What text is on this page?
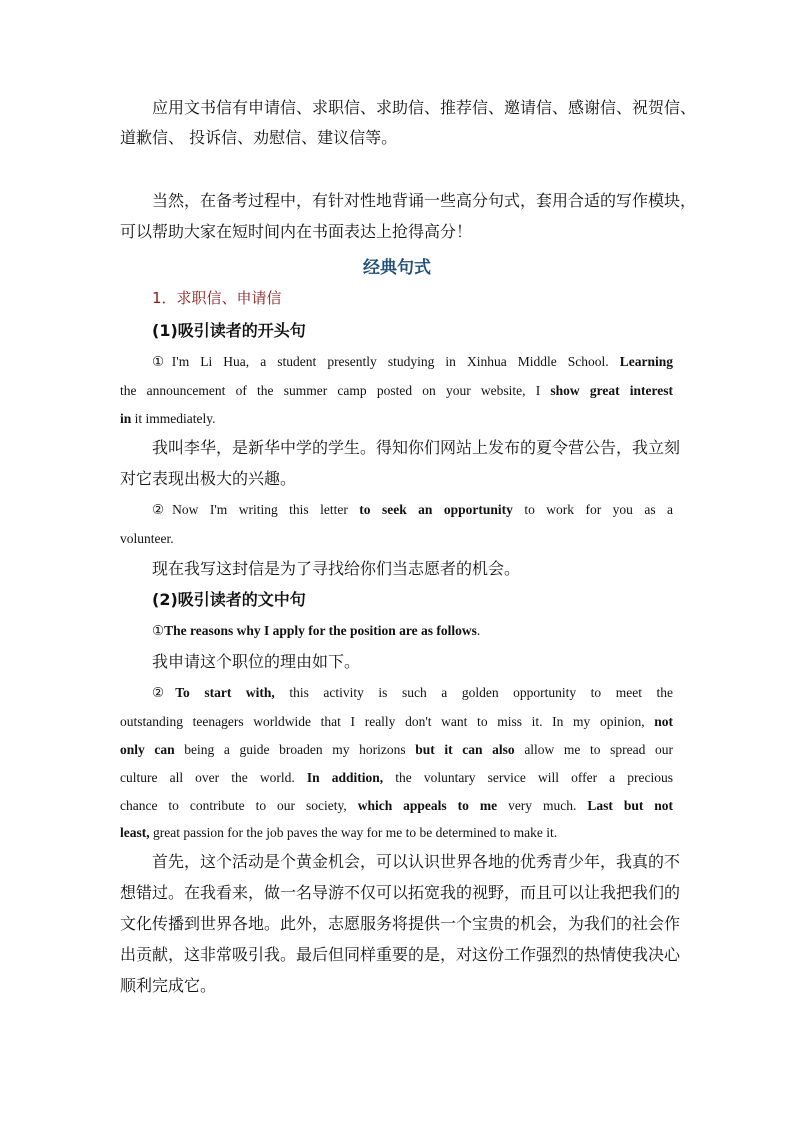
应用文书信有申请信、求职信、求助信、推荐信、邀请信、感谢信、祝贺信、
道歉信、 投诉信、劝慰信、建议信等。
当然，在备考过程中，有针对性地背诵一些高分句式，套用合适的写作模块，
可以帮助大家在短时间内在书面表达上抢得高分！
经典句式
1．求职信、申请信
(1)吸引读者的开头句
①I'm Li Hua, a student presently studying in Xinhua Middle School. Learning
the announcement of the summer camp posted on your website, I show great interest
in it immediately.
我叫李华，是新华中学的学生。得知你们网站上发布的夏令营公告，我立刻
对它表现出极大的兴趣。
②Now I'm writing this letter to seek an opportunity to work for you as a
volunteer.
现在我写这封信是为了寻找给你们当志愿者的机会。
(2)吸引读者的文中句
①The reasons why I apply for the position are as follows.
我申请这个职位的理由如下。
②To start with, this activity is such a golden opportunity to meet the
outstanding teenagers worldwide that I really don't want to miss it. In my opinion, not
only can being a guide broaden my horizons but it can also allow me to spread our
culture all over the world. In addition, the voluntary service will offer a precious
chance to contribute to our society, which appeals to me very much. Last but not
least, great passion for the job paves the way for me to be determined to make it.
首先，这个活动是个黄金机会，可以认识世界各地的优秀青少年，我真的不
想错过。在我看来，做一名导游不仅可以拓宽我的视野，而且可以让我把我们的
文化传播到世界各地。此外，志愿服务将提供一个宝贵的机会，为我们的社会作
出贡献，这非常吸引我。最后但同样重要的是，对这份工作强烈的热情使我决心
顺利完成它。
